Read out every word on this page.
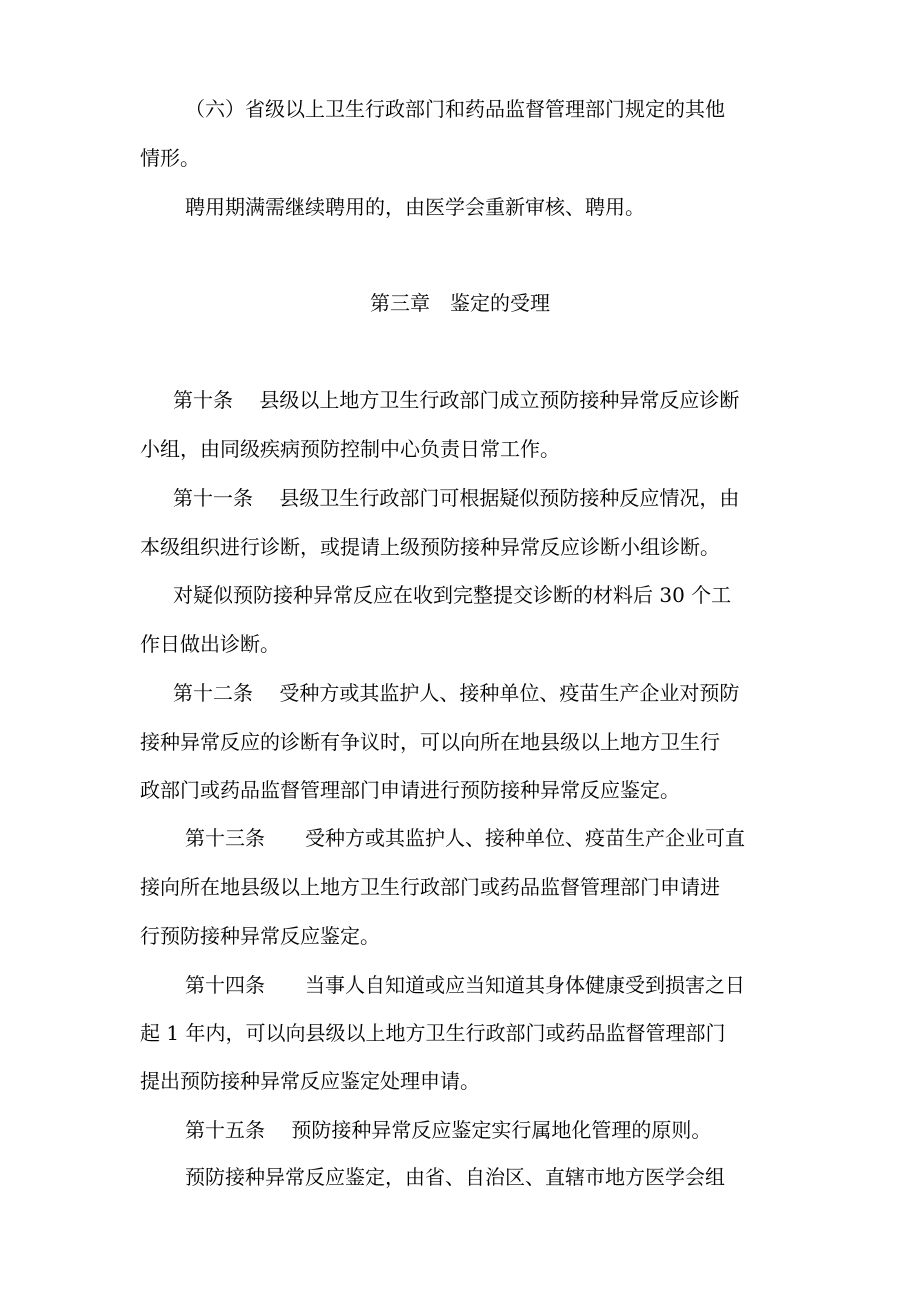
（六）省级以上卫生行政部门和药品监督管理部门规定的其他
情形。
聘用期满需继续聘用的，由医学会重新审核、聘用。
第三章　鉴定的受理
第十条　 县级以上地方卫生行政部门成立预防接种异常反应诊断
小组，由同级疾病预防控制中心负责日常工作。
第十一条　 县级卫生行政部门可根据疑似预防接种反应情况，由
本级组织进行诊断，或提请上级预防接种异常反应诊断小组诊断。
对疑似预防接种异常反应在收到完整提交诊断的材料后 30 个工
作日做出诊断。
第十二条　 受种方或其监护人、接种单位、疫苗生产企业对预防
接种异常反应的诊断有争议时，可以向所在地县级以上地方卫生行
政部门或药品监督管理部门申请进行预防接种异常反应鉴定。
第十三条　　受种方或其监护人、接种单位、疫苗生产企业可直
接向所在地县级以上地方卫生行政部门或药品监督管理部门申请进
行预防接种异常反应鉴定。
第十四条　　当事人自知道或应当知道其身体健康受到损害之日
起 1 年内，可以向县级以上地方卫生行政部门或药品监督管理部门
提出预防接种异常反应鉴定处理申请。
第十五条　 预防接种异常反应鉴定实行属地化管理的原则。
预防接种异常反应鉴定，由省、自治区、直辖市地方医学会组
